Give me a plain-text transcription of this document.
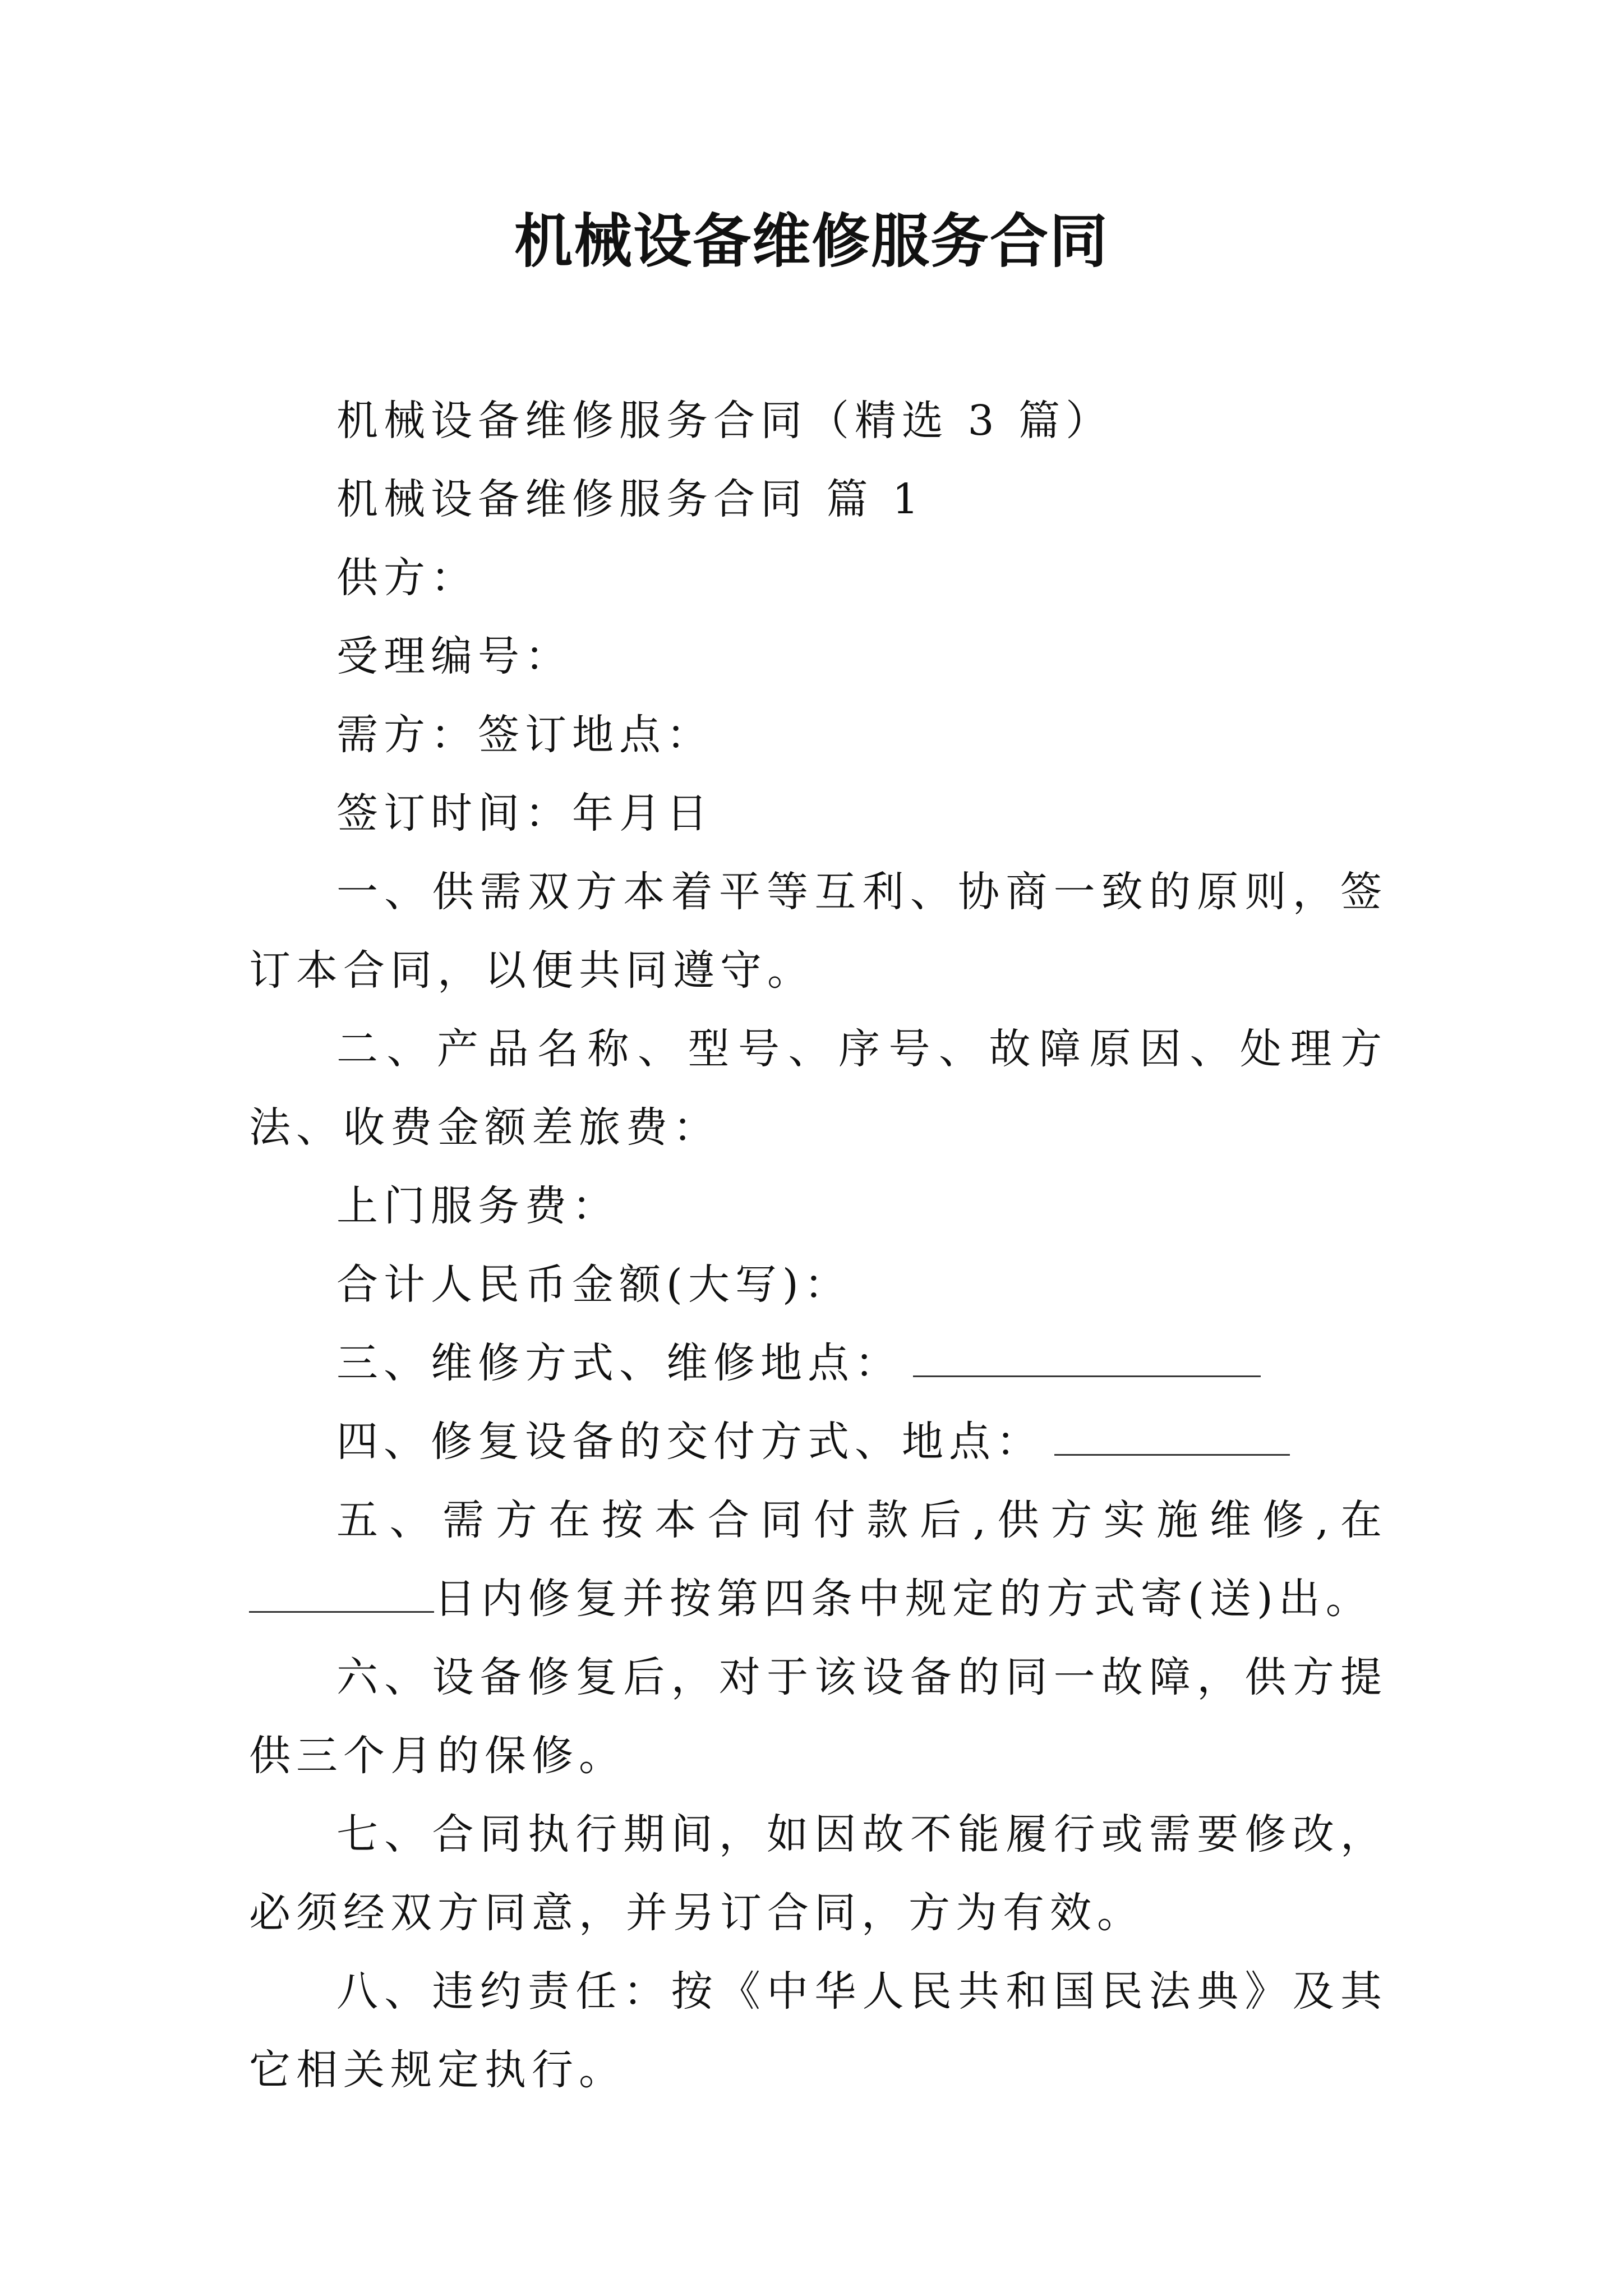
机械设备维修服务合同

机械设备维修服务合同（精选 3 篇）

机械设备维修服务合同 篇 1

供方：

受理编号：

需方：签订地点：

签订时间：年月日

一、供需双方本着平等互利、协商一致的原则，签订本合同，以便共同遵守。

二、产品名称、型号、序号、故障原因、处理方法、收费金额差旅费：

上门服务费：

合计人民币金额(大写)：

三、维修方式、维修地点：

四、修复设备的交付方式、地点：

五、需方在按本合同付款后,供方实施维修,在日内修复并按第四条中规定的方式寄(送)出。

六、设备修复后，对于该设备的同一故障，供方提供三个月的保修。

七、合同执行期间，如因故不能履行或需要修改，必须经双方同意，并另订合同，方为有效。

八、违约责任：按《中华人民共和国民法典》及其它相关规定执行。
